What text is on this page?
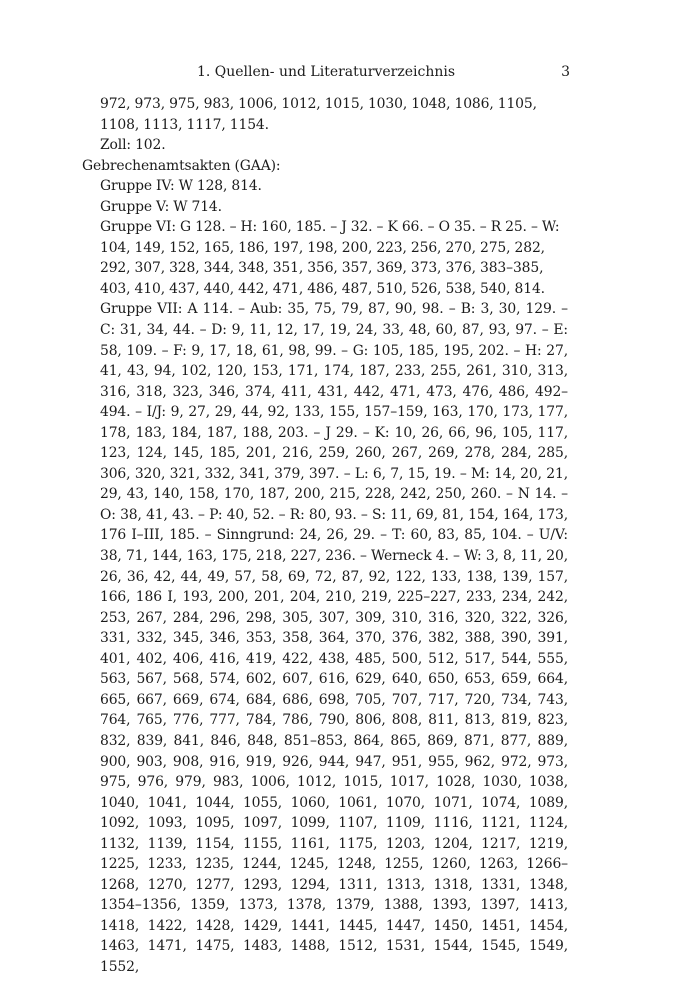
1. Quellen- und Literaturverzeichnis	3

972, 973, 975, 983, 1006, 1012, 1015, 1030, 1048, 1086, 1105, 1108, 1113, 1117, 1154.

Zoll: 102.

Gebrechenamtsakten (GAA):

Gruppe IV: W 128, 814.

Gruppe V: W 714.

Gruppe VI: G 128. – H: 160, 185. – J 32. – K 66. – O 35. – R 25. – W: 104, 149, 152, 165, 186, 197, 198, 200, 223, 256, 270, 275, 282, 292, 307, 328, 344, 348, 351, 356, 357, 369, 373, 376, 383–385, 403, 410, 437, 440, 442, 471, 486, 487, 510, 526, 538, 540, 814.

Gruppe VII: A 114. – Aub: 35, 75, 79, 87, 90, 98. – B: 3, 30, 129. – C: 31, 34, 44. – D: 9, 11, 12, 17, 19, 24, 33, 48, 60, 87, 93, 97. – E: 58, 109. – F: 9, 17, 18, 61, 98, 99. – G: 105, 185, 195, 202. – H: 27, 41, 43, 94, 102, 120, 153, 171, 174, 187, 233, 255, 261, 310, 313, 316, 318, 323, 346, 374, 411, 431, 442, 471, 473, 476, 486, 492–494. – I/J: 9, 27, 29, 44, 92, 133, 155, 157–159, 163, 170, 173, 177, 178, 183, 184, 187, 188, 203. – J 29. – K: 10, 26, 66, 96, 105, 117, 123, 124, 145, 185, 201, 216, 259, 260, 267, 269, 278, 284, 285, 306, 320, 321, 332, 341, 379, 397. – L: 6, 7, 15, 19. – M: 14, 20, 21, 29, 43, 140, 158, 170, 187, 200, 215, 228, 242, 250, 260. – N 14. – O: 38, 41, 43. – P: 40, 52. – R: 80, 93. – S: 11, 69, 81, 154, 164, 173, 176 I–III, 185. – Sinngrund: 24, 26, 29. – T: 60, 83, 85, 104. – U/V: 38, 71, 144, 163, 175, 218, 227, 236. – Werneck 4. – W: 3, 8, 11, 20, 26, 36, 42, 44, 49, 57, 58, 69, 72, 87, 92, 122, 133, 138, 139, 157, 166, 186 I, 193, 200, 201, 204, 210, 219, 225–227, 233, 234, 242, 253, 267, 284, 296, 298, 305, 307, 309, 310, 316, 320, 322, 326, 331, 332, 345, 346, 353, 358, 364, 370, 376, 382, 388, 390, 391, 401, 402, 406, 416, 419, 422, 438, 485, 500, 512, 517, 544, 555, 563, 567, 568, 574, 602, 607, 616, 629, 640, 650, 653, 659, 664, 665, 667, 669, 674, 684, 686, 698, 705, 707, 717, 720, 734, 743, 764, 765, 776, 777, 784, 786, 790, 806, 808, 811, 813, 819, 823, 832, 839, 841, 846, 848, 851–853, 864, 865, 869, 871, 877, 889, 900, 903, 908, 916, 919, 926, 944, 947, 951, 955, 962, 972, 973, 975, 976, 979, 983, 1006, 1012, 1015, 1017, 1028, 1030, 1038, 1040, 1041, 1044, 1055, 1060, 1061, 1070, 1071, 1074, 1089, 1092, 1093, 1095, 1097, 1099, 1107, 1109, 1116, 1121, 1124, 1132, 1139, 1154, 1155, 1161, 1175, 1203, 1204, 1217, 1219, 1225, 1233, 1235, 1244, 1245, 1248, 1255, 1260, 1263, 1266–1268, 1270, 1277, 1293, 1294, 1311, 1313, 1318, 1331, 1348, 1354–1356, 1359, 1373, 1378, 1379, 1388, 1393, 1397, 1413, 1418, 1422, 1428, 1429, 1441, 1445, 1447, 1450, 1451, 1454, 1463, 1471, 1475, 1483, 1488, 1512, 1531, 1544, 1545, 1549, 1552,
